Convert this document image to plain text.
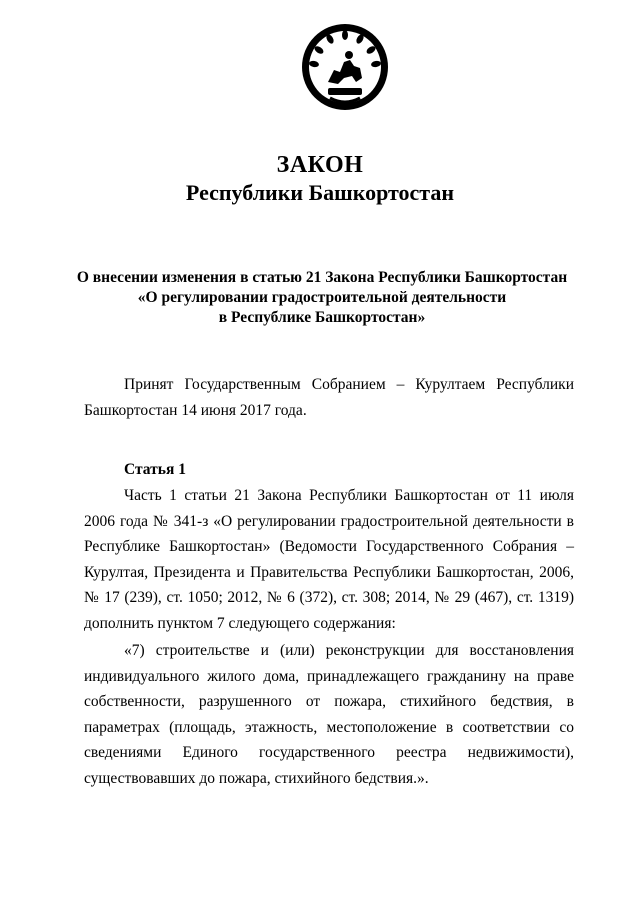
ЗАКОН
Республики Башкортостан
О внесении изменения в статью 21 Закона Республики Башкортостан
«О регулировании градостроительной деятельности
в Республике Башкортостан»
Принят Государственным Собранием – Курултаем Республики
Башкортостан 14 июня 2017 года.
Статья 1
Часть 1 статьи 21 Закона Республики Башкортостан от 11 июля
2006 года № 341-з «О регулировании градостроительной деятельности в
Республике Башкортостан» (Ведомости Государственного Собрания –
Курултая, Президента и Правительства Республики Башкортостан, 2006,
№ 17 (239), ст. 1050; 2012, № 6 (372), ст. 308; 2014, № 29 (467), ст. 1319)
дополнить пунктом 7 следующего содержания:
«7) строительстве и (или) реконструкции для восстановления
индивидуального жилого дома, принадлежащего гражданину на праве
собственности, разрушенного от пожара, стихийного бедствия, в
параметрах (площадь, этажность, местоположение в соответствии со
сведениями Единого государственного реестра недвижимости),
существовавших до пожара, стихийного бедствия.».
